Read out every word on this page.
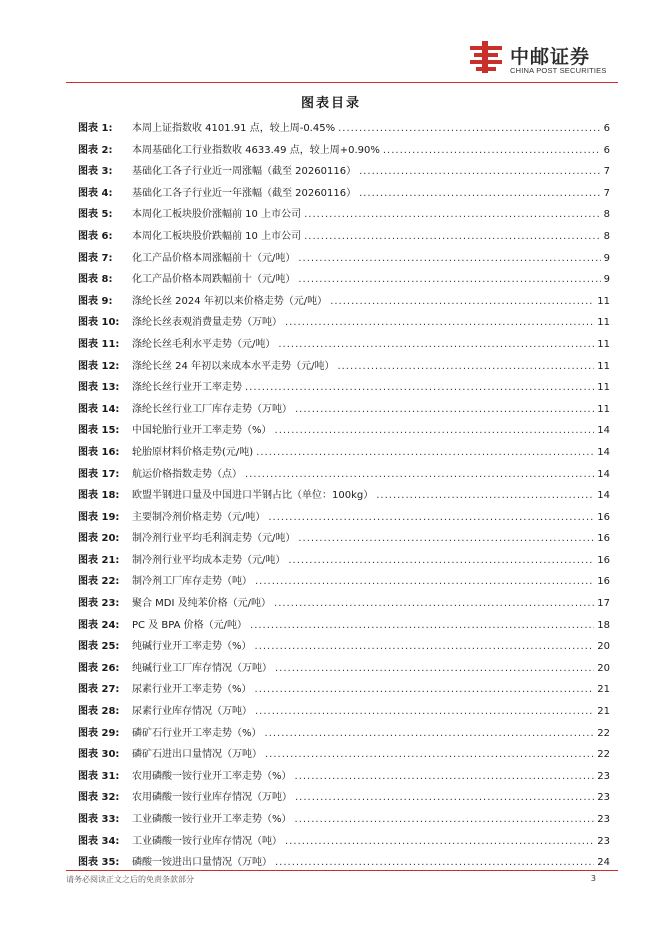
中邮证券
CHINA POST SECURITIES
图表目录
图表 1:	本周上证指数收 4101.91 点，较上周-0.45% .....	6
图表 2:	本周基础化工行业指数收 4633.49 点，较上周+0.90% .....	6
图表 3:	基础化工各子行业近一周涨幅（截至 20260116） .....	7
图表 4:	基础化工各子行业近一年涨幅（截至 20260116） .....	7
图表 5:	本周化工板块股价涨幅前 10 上市公司 .....	8
图表 6:	本周化工板块股价跌幅前 10 上市公司 .....	8
图表 7:	化工产品价格本周涨幅前十（元/吨） .....	9
图表 8:	化工产品价格本周跌幅前十（元/吨） .....	9
图表 9:	涤纶长丝 2024 年初以来价格走势（元/吨） .....	11
图表 10:	涤纶长丝表观消费量走势（万吨） .....	11
图表 11:	涤纶长丝毛利水平走势（元/吨） .....	11
图表 12:	涤纶长丝 24 年初以来成本水平走势（元/吨） .....	11
图表 13:	涤纶长丝行业开工率走势 .....	11
图表 14:	涤纶长丝行业工厂库存走势（万吨） .....	11
图表 15:	中国轮胎行业开工率走势（%） .....	14
图表 16:	轮胎原材料价格走势(元/吨) .....	14
图表 17:	航运价格指数走势（点） .....	14
图表 18:	欧盟半钢进口量及中国进口半钢占比（单位：100kg） .....	14
图表 19:	主要制冷剂价格走势（元/吨） .....	16
图表 20:	制冷剂行业平均毛利润走势（元/吨） .....	16
图表 21:	制冷剂行业平均成本走势（元/吨） .....	16
图表 22:	制冷剂工厂库存走势（吨） .....	16
图表 23:	聚合 MDI 及纯苯价格（元/吨） .....	17
图表 24:	PC 及 BPA 价格（元/吨） .....	18
图表 25:	纯碱行业开工率走势（%） .....	20
图表 26:	纯碱行业工厂库存情况（万吨） .....	20
图表 27:	尿素行业开工率走势（%） .....	21
图表 28:	尿素行业库存情况（万吨） .....	21
图表 29:	磷矿石行业开工率走势（%） .....	22
图表 30:	磷矿石进出口量情况（万吨） .....	22
图表 31:	农用磷酸一铵行业开工率走势（%） .....	23
图表 32:	农用磷酸一铵行业库存情况（万吨） .....	23
图表 33:	工业磷酸一铵行业开工率走势（%） .....	23
图表 34:	工业磷酸一铵行业库存情况（吨） .....	23
图表 35:	磷酸一铵进出口量情况（万吨） .....	24
请务必阅读正文之后的免责条款部分	3
